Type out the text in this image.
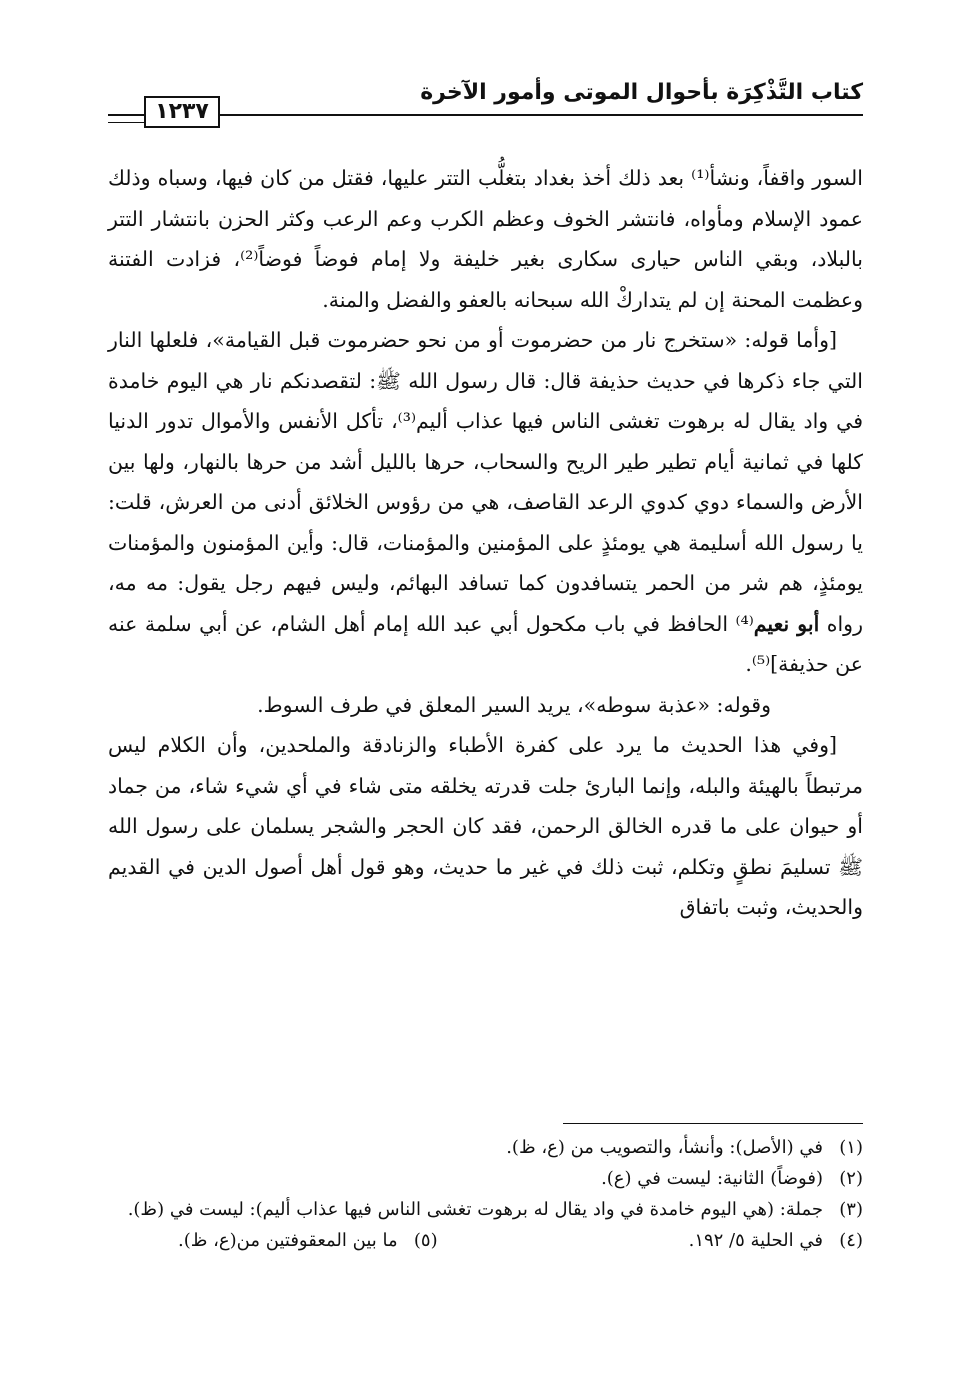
كتاب التَّذْكِرَة بأحوال الموتى وأمور الآخرة
١٢٣٧

السور واقفاً، ونشأ⁽¹⁾ بعد ذلك أخذ بغداد بتغلُّب التتر عليها، فقتل من كان فيها، وسباه وذلك عمود الإسلام ومأواه، فانتشر الخوف وعظم الكرب وعم الرعب وكثر الحزن بانتشار التتر بالبلاد، وبقي الناس حيارى سكارى بغير خليفة ولا إمام فوضاً فوضاً⁽²⁾، فزادت الفتنة وعظمت المحنة إن لم يتداركْ الله سبحانه بالعفو والفضل والمنة.

[وأما قوله: «ستخرج نار من حضرموت أو من نحو حضرموت قبل القيامة»، فلعلها النار التي جاء ذكرها في حديث حذيفة قال: قال رسول الله ﷺ: لتقصدنكم نار هي اليوم خامدة في واد يقال له برهوت تغشى الناس فيها عذاب أليم⁽³⁾، تأكل الأنفس والأموال تدور الدنيا كلها في ثمانية أيام تطير طير الريح والسحاب، حرها بالليل أشد من حرها بالنهار، ولها بين الأرض والسماء دوي كدوي الرعد القاصف، هي من رؤوس الخلائق أدنى من العرش، قلت: يا رسول الله أسليمة هي يومئذٍ على المؤمنين والمؤمنات، قال: وأين المؤمنون والمؤمنات يومئذٍ، هم شر من الحمر يتسافدون كما تسافد البهائم، وليس فيهم رجل يقول: مه مه، رواه أبو نعيم⁽⁴⁾ الحافظ في باب مكحول أبي عبد الله إمام أهل الشام، عن أبي سلمة عنه عن حذيفة]⁽⁵⁾.

وقوله: «عذبة سوطه»، يريد السير المعلق في طرف السوط.

[وفي هذا الحديث ما يرد على كفرة الأطباء والزنادقة والملحدين، وأن الكلام ليس مرتبطاً بالهيئة والبله، وإنما البارئ جلت قدرته يخلقه متى شاء في أي شيء شاء، من جماد أو حيوان على ما قدره الخالق الرحمن، فقد كان الحجر والشجر يسلمان على رسول الله ﷺ تسليمَ نطقٍ وتكلم، ثبت ذلك في غير ما حديث، وهو قول أهل أصول الدين في القديم والحديث، وثبت باتفاق

(١)
في (الأصل): وأنشأ، والتصويب من (ع، ظ).

(٢)
(فوضاً) الثانية: ليست في (ع).

(٣)
جملة: (هي اليوم خامدة في واد يقال له برهوت تغشى الناس فيها عذاب أليم): ليست في (ظ).

(٤)
في الحلية ٥/ ١٩٢.

(٥)
ما بين المعقوفتين من(ع، ظ).
